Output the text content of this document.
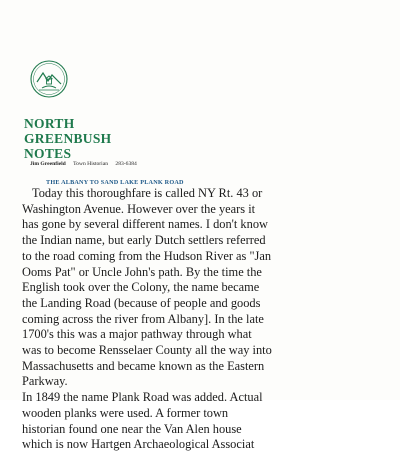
NORTH
GREENBUSH
NOTES
Jim Greenfield Town Historian 283-6384
THE ALBANY TO SAND LAKE PLANK ROAD
Today this thoroughfare is called NY Rt. 43 or
Washington Avenue. However over the years it
has gone by several different names. I don't know
the Indian name, but early Dutch settlers referred
to the road coming from the Hudson River as "Jan
Ooms Pat" or Uncle John's path. By the time the
English took over the Colony, the name became
the Landing Road (because of people and goods
coming across the river from Albany]. In the late
1700's this was a major pathway through what
was to become Rensselaer County all the way into
Massachusetts and became known as the Eastern
Parkway.
In 1849 the name Plank Road was added. Actual
wooden planks were used. A former town
historian found one near the Van Alen house
which is now Hartgen Archaeological Associat
